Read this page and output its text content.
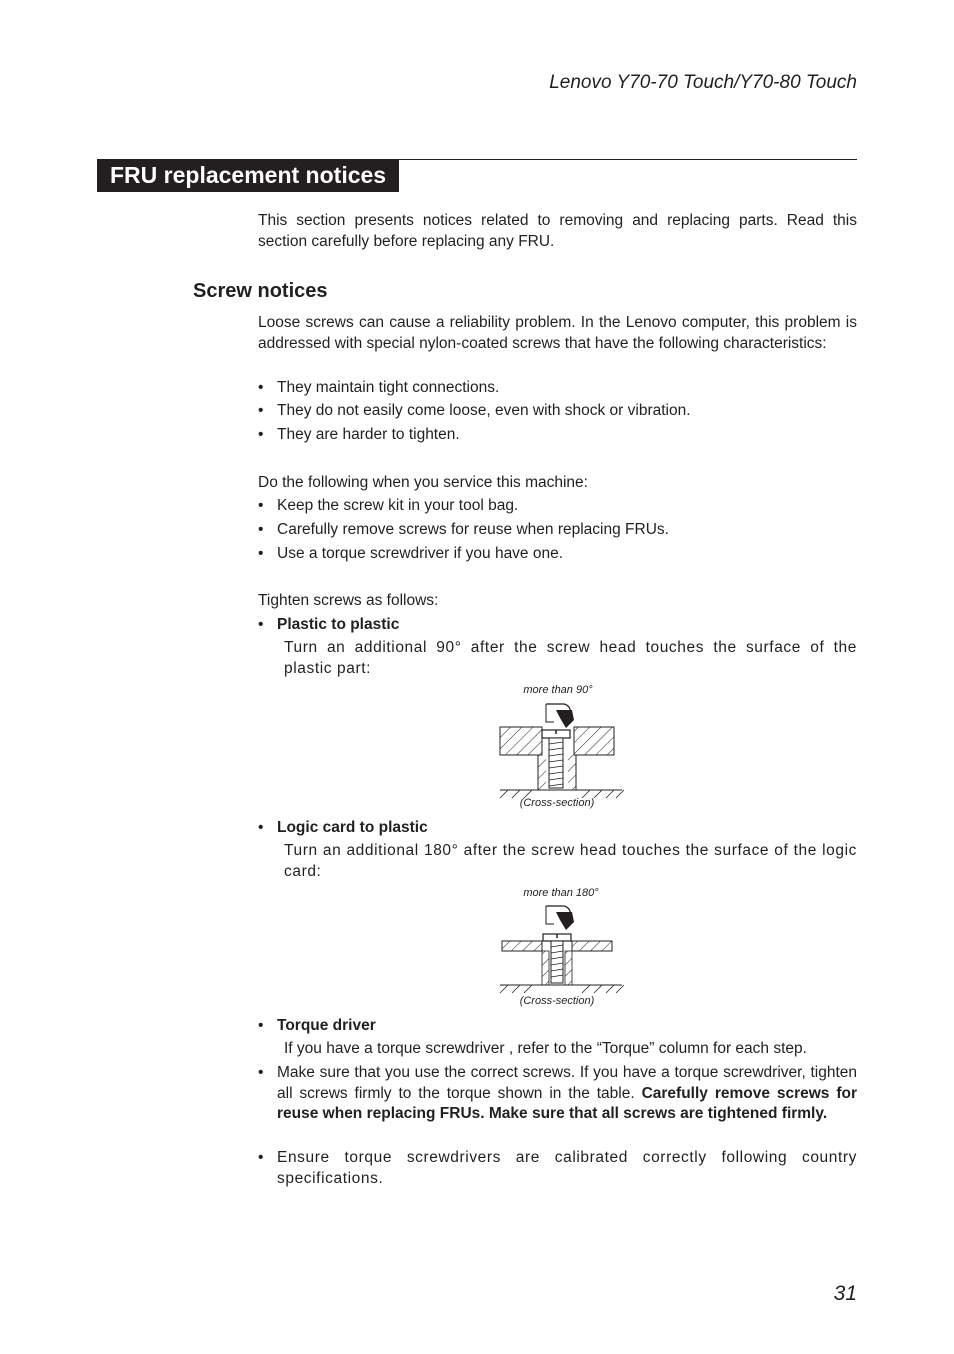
Lenovo Y70-70 Touch/Y70-80 Touch
FRU replacement notices
This section presents notices related to removing and replacing parts. Read this section carefully before replacing any FRU.
Screw notices
Loose screws can cause a reliability problem. In the Lenovo computer, this problem is addressed with special nylon-coated screws that have the following characteristics:
• They maintain tight connections.
• They do not easily come loose, even with shock or vibration.
• They are harder to tighten.
Do the following when you service this machine:
• Keep the screw kit in your tool bag.
• Carefully remove screws for reuse when replacing FRUs.
• Use a torque screwdriver if you have one.
Tighten screws as follows:
• Plastic to plastic
Turn an additional 90° after the screw head touches the surface of the plastic part:
more than 90°
(Cross-section)
• Logic card to plastic
Turn an additional 180° after the screw head touches the surface of the logic card:
more than 180°
(Cross-section)
• Torque driver
If you have a torque screwdriver , refer to the “Torque” column for each step.
• Make sure that you use the correct screws. If you have a torque screwdriver, tighten all screws firmly to the torque shown in the table. Carefully remove screws for reuse when replacing FRUs. Make sure that all screws are tightened firmly.
• Ensure torque screwdrivers are calibrated correctly following country specifications.
31
